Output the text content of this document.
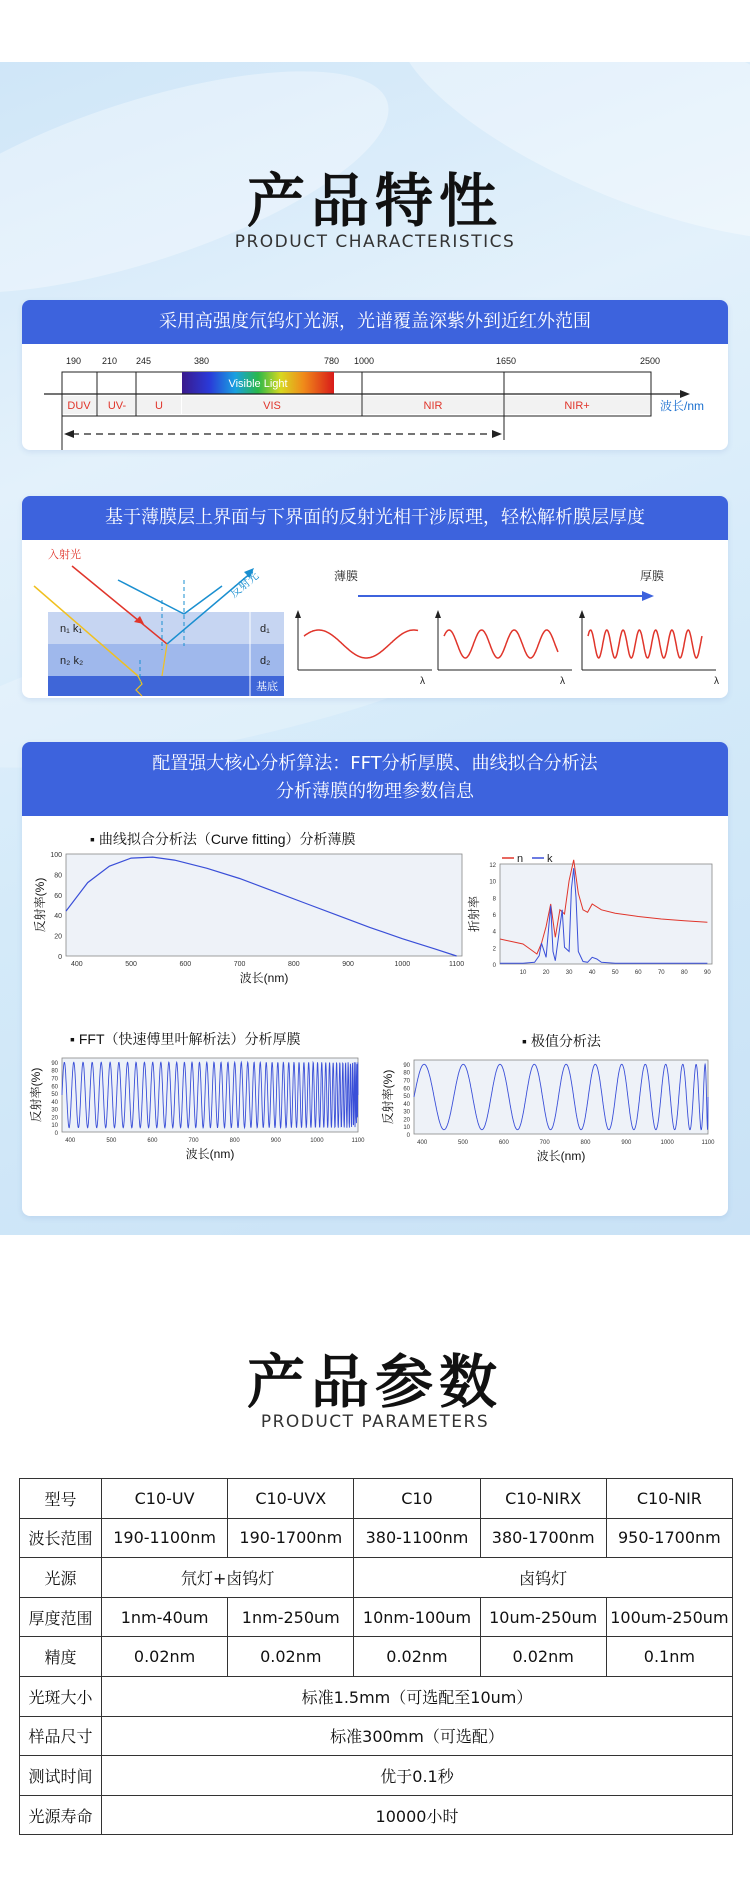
产品特性
PRODUCT CHARACTERISTICS
采用高强度氘钨灯光源，光谱覆盖深紫外到近红外范围
190 210 245	380	780 1000	1650	2500
Visible Light
DUV UV-	U	VIS	NIR	NIR+	波长/nm
基于薄膜层上界面与下界面的反射光相干涉原理，轻松解析膜层厚度
n₁ k₁
n₂ k₂
d₁
d₂
基底
入射光
反射光	薄膜	厚膜
λ	λ	λ
配置强大核心分析算法：FFT分析厚膜、曲线拟合分析法
分析薄膜的物理参数信息
▪ 曲线拟合分析法（Curve fitting）分析薄膜
▪ FFT（快速傅里叶解析法）分析厚膜	▪ 极值分析法
400	500	600	700	800	900	1000	1100
0
20
40
60
80
100
波长(nm)
反射率(%)
10	20	30	40	50	60	70	80	90
0
2
4
6
8
10
12
折射率
n k
400	500	600	700	800	900	1000	1100
0
10
20
30
40
50
60
70
80
90
波长(nm)
反射率(%)
400	500	600	700	800	900	1000	1100
0
10
20
30
40
50
60
70
80
90
波长(nm)
反射率(%)
产品参数
PRODUCT PARAMETERS
型号	C10-UV	C10-UVX	C10	C10-NIRX	C10-NIR
波长范围	190-1100nm	190-1700nm	380-1100nm	380-1700nm	950-1700nm
光源	氘灯+卤钨灯		卤钨灯		
厚度范围	1nm-40um	1nm-250um	10nm-100um	10um-250um	100um-250um
精度	0.02nm	0.02nm	0.02nm	0.02nm	0.1nm
光斑大小	标准1.5mm（可选配至10um）				
样品尺寸	标准300mm（可选配）				
测试时间	优于0.1秒				
光源寿命	10000小时				
